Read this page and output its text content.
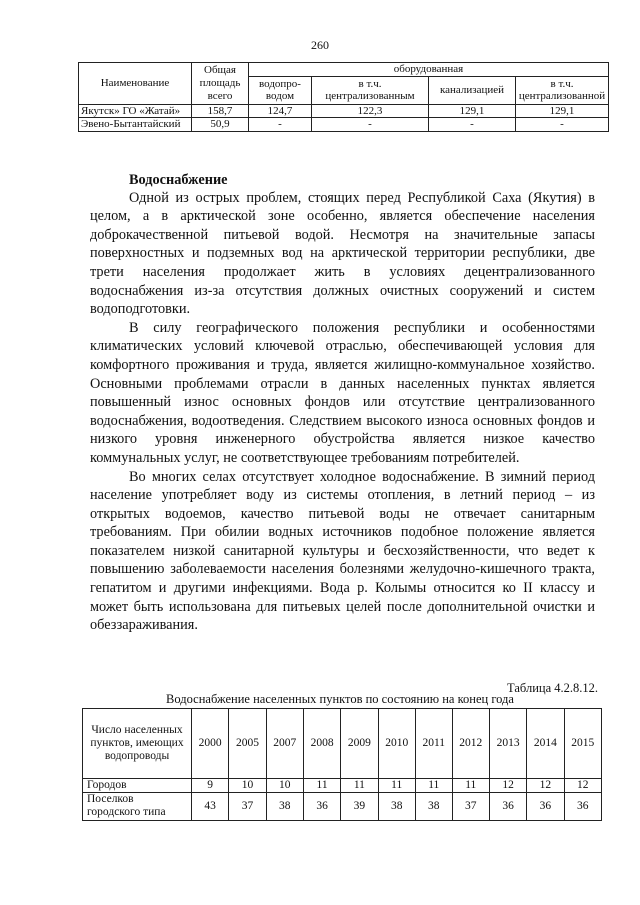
260
Наименование	Общая площадь всего	оборудованная			
		водопро-водом	в т.ч. централизованным	канализацией	в т.ч. централизованной
Якутск» ГО «Жатай»	158,7	124,7	122,3	129,1	129,1
Эвено-Бытантайский	50,9	-	-	-	-
Водоснабжение

Одной из острых проблем, стоящих перед Республикой Саха (Якутия) в целом, а в арктической зоне особенно, является обеспечение населения доброкачественной питьевой водой. Несмотря на значительные запасы поверхностных и подземных вод на арктической территории республики, две трети населения продолжает жить в условиях децентрализованного водоснабжения из-за отсутствия должных очистных сооружений и систем водоподготовки.

В силу географического положения республики и особенностями климатических условий ключевой отраслью, обеспечивающей условия для комфортного проживания и труда, является жилищно-коммунальное хозяйство. Основными проблемами отрасли в данных населенных пунктах является повышенный износ основных фондов или отсутствие централизованного водоснабжения, водоотведения. Следствием высокого износа основных фондов и низкого уровня инженерного обустройства является низкое качество коммунальных услуг, не соответствующее требованиям потребителей.

Во многих селах отсутствует холодное водоснабжение. В зимний период население употребляет воду из системы отопления, в летний период – из открытых водоемов, качество питьевой воды не отвечает санитарным требованиям. При обилии водных источников подобное положение является показателем низкой санитарной культуры и бесхозяйственности, что ведет к повышению заболеваемости населения болезнями желудочно-кишечного тракта, гепатитом и другими инфекциями. Вода р. Колымы относится ко II классу и может быть использована для питьевых целей после дополнительной очистки и обеззараживания.

Таблица 4.2.8.12.
Водоснабжение населенных пунктов по состоянию на конец года
Число населенных пунктов, имеющих водопроводы	2000	2005	2007	2008	2009	2010	2011	2012	2013	2014	2015
Городов	9	10	10	11	11	11	11	11	12	12	12
Поселков городского типа	43	37	38	36	39	38	38	37	36	36	36
